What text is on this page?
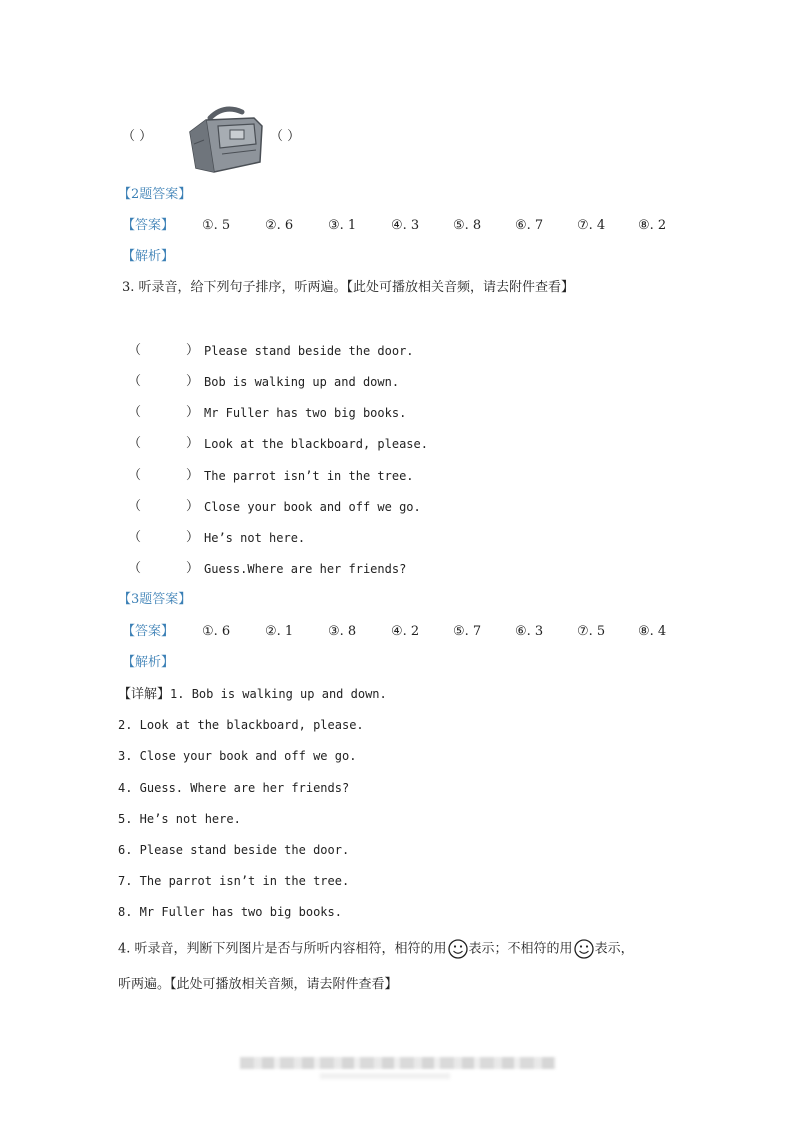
（ ）	（ ）
【2题答案】
【答案】 ①. 5	②. 6	③. 1	④. 3	⑤. 8	⑥. 7	⑦. 4	⑧. 2
【解析】
3. 听录音，给下列句子排序，听两遍。【此处可播放相关音频，请去附件查看】
（	） Please stand beside the door.
（	） Bob is walking up and down.
（	） Mr Fuller has two big books.
（	） Look at the blackboard, please.
（	） The parrot isn’t in the tree.
（	） Close your book and off we go.
（	） He’s not here.
（	） Guess.Where are her friends?
【3题答案】
【答案】 ①. 6	②. 1	③. 8	④. 2	⑤. 7	⑥. 3	⑦. 5	⑧. 4
【解析】
【详解】1. Bob is walking up and down.
2. Look at the blackboard, please.
3. Close your book and off we go.
4. Guess. Where are her friends?
5. He’s not here.
6. Please stand beside the door.
7. The parrot isn’t in the tree.
8. Mr Fuller has two big books.
4. 听录音，判断下列图片是否与所听内容相符，相符的用 表示；不相符的用 表示，
听两遍。【此处可播放相关音频，请去附件查看】
